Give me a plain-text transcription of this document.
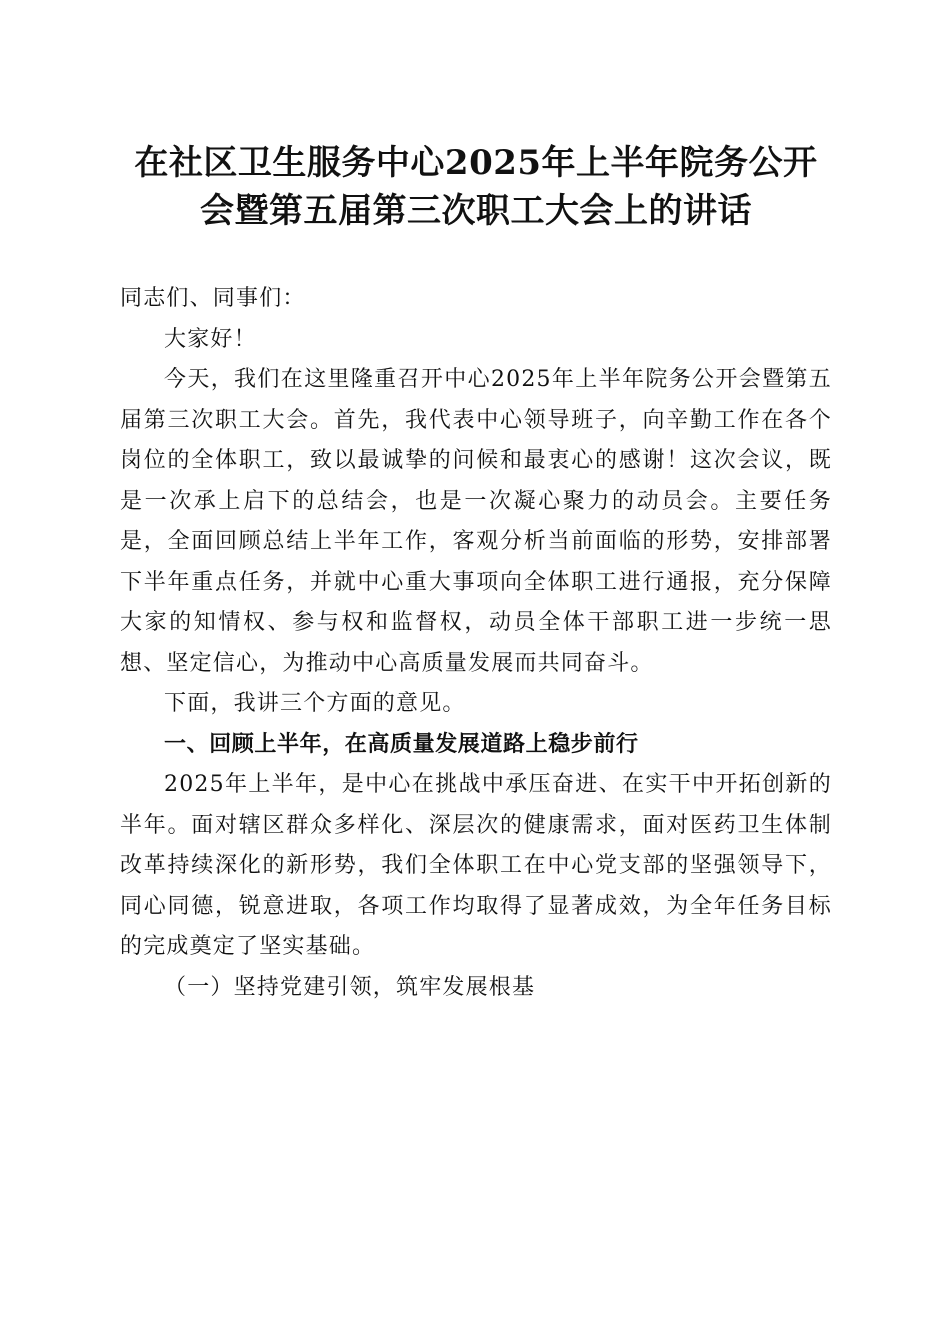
在社区卫生服务中心2025年上半年院务公开
会暨第五届第三次职工大会上的讲话

同志们、同事们：

大家好！

今天，我们在这里隆重召开中心2025年上半年院务公开会暨第五届第三次职工大会。首先，我代表中心领导班子，向辛勤工作在各个岗位的全体职工，致以最诚挚的问候和最衷心的感谢！这次会议，既是一次承上启下的总结会，也是一次凝心聚力的动员会。主要任务是，全面回顾总结上半年工作，客观分析当前面临的形势，安排部署下半年重点任务，并就中心重大事项向全体职工进行通报，充分保障大家的知情权、参与权和监督权，动员全体干部职工进一步统一思想、坚定信心，为推动中心高质量发展而共同奋斗。

下面，我讲三个方面的意见。

一、回顾上半年，在高质量发展道路上稳步前行

2025年上半年，是中心在挑战中承压奋进、在实干中开拓创新的半年。面对辖区群众多样化、深层次的健康需求，面对医药卫生体制改革持续深化的新形势，我们全体职工在中心党支部的坚强领导下，同心同德，锐意进取，各项工作均取得了显著成效，为全年任务目标的完成奠定了坚实基础。

（一）坚持党建引领，筑牢发展根基
